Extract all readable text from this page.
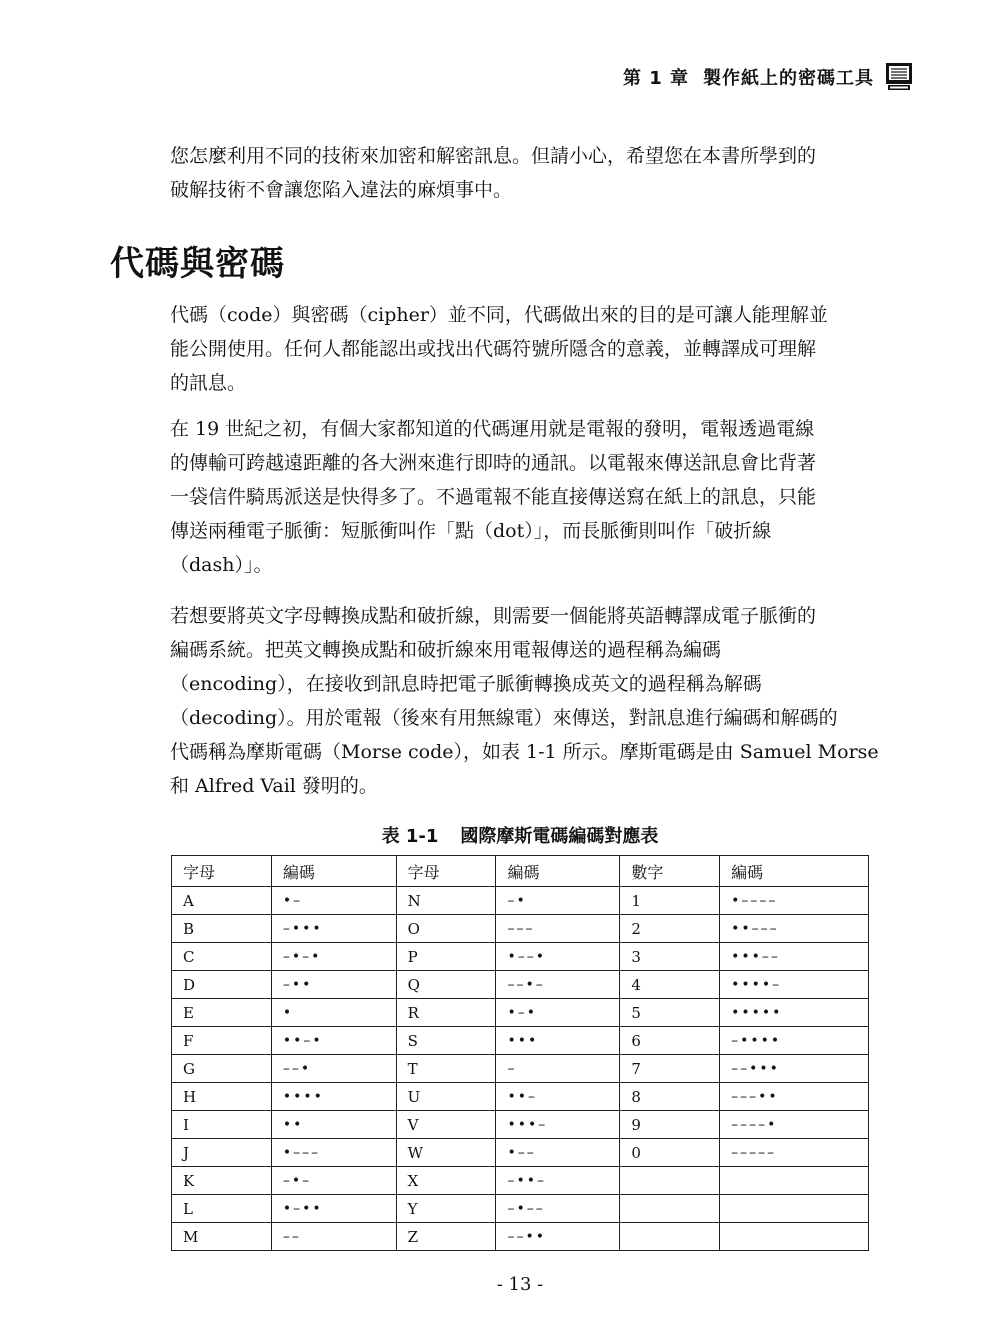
第 1 章 製作紙上的密碼工具

您怎麼利用不同的技術來加密和解密訊息。但請小心，希望您在本書所學到的
破解技術不會讓您陷入違法的麻煩事中。

代碼與密碼

代碼（code）與密碼（cipher）並不同，代碼做出來的目的是可讓人能理解並
能公開使用。任何人都能認出或找出代碼符號所隱含的意義，並轉譯成可理解
的訊息。

在 19 世紀之初，有個大家都知道的代碼運用就是電報的發明，電報透過電線
的傳輸可跨越遠距離的各大洲來進行即時的通訊。以電報來傳送訊息會比背著
一袋信件騎馬派送是快得多了。不過電報不能直接傳送寫在紙上的訊息，只能
傳送兩種電子脈衝：短脈衝叫作「點（dot）」，而長脈衝則叫作「破折線
（dash）」。

若想要將英文字母轉換成點和破折線，則需要一個能將英語轉譯成電子脈衝的
編碼系統。把英文轉換成點和破折線來用電報傳送的過程稱為編碼
（encoding），在接收到訊息時把電子脈衝轉換成英文的過程稱為解碼
（decoding）。用於電報（後來有用無線電）來傳送，對訊息進行編碼和解碼的
代碼稱為摩斯電碼（Morse code），如表 1-1 所示。摩斯電碼是由 Samuel Morse
和 Alfred Vail 發明的。

表 1-1 國際摩斯電碼編碼對應表
字母	編碼	字母	編碼	數字	編碼
A	•–	N	–•	1	•––––
B	–•••	O	–––	2	••–––
C	–•–•	P	•––•	3	•••––
D	–••	Q	––•–	4	••••–
E	•	R	•–•	5	•••••
F	••–•	S	•••	6	–••••
G	––•	T	–	7	––•••
H	••••	U	••–	8	–––••
I	••	V	•••–	9	––––•
J	•–––	W	•––	0	–––––
K	–•–	X	–••–		
L	•–••	Y	–•––		
M	––	Z	––••		
- 13 -
